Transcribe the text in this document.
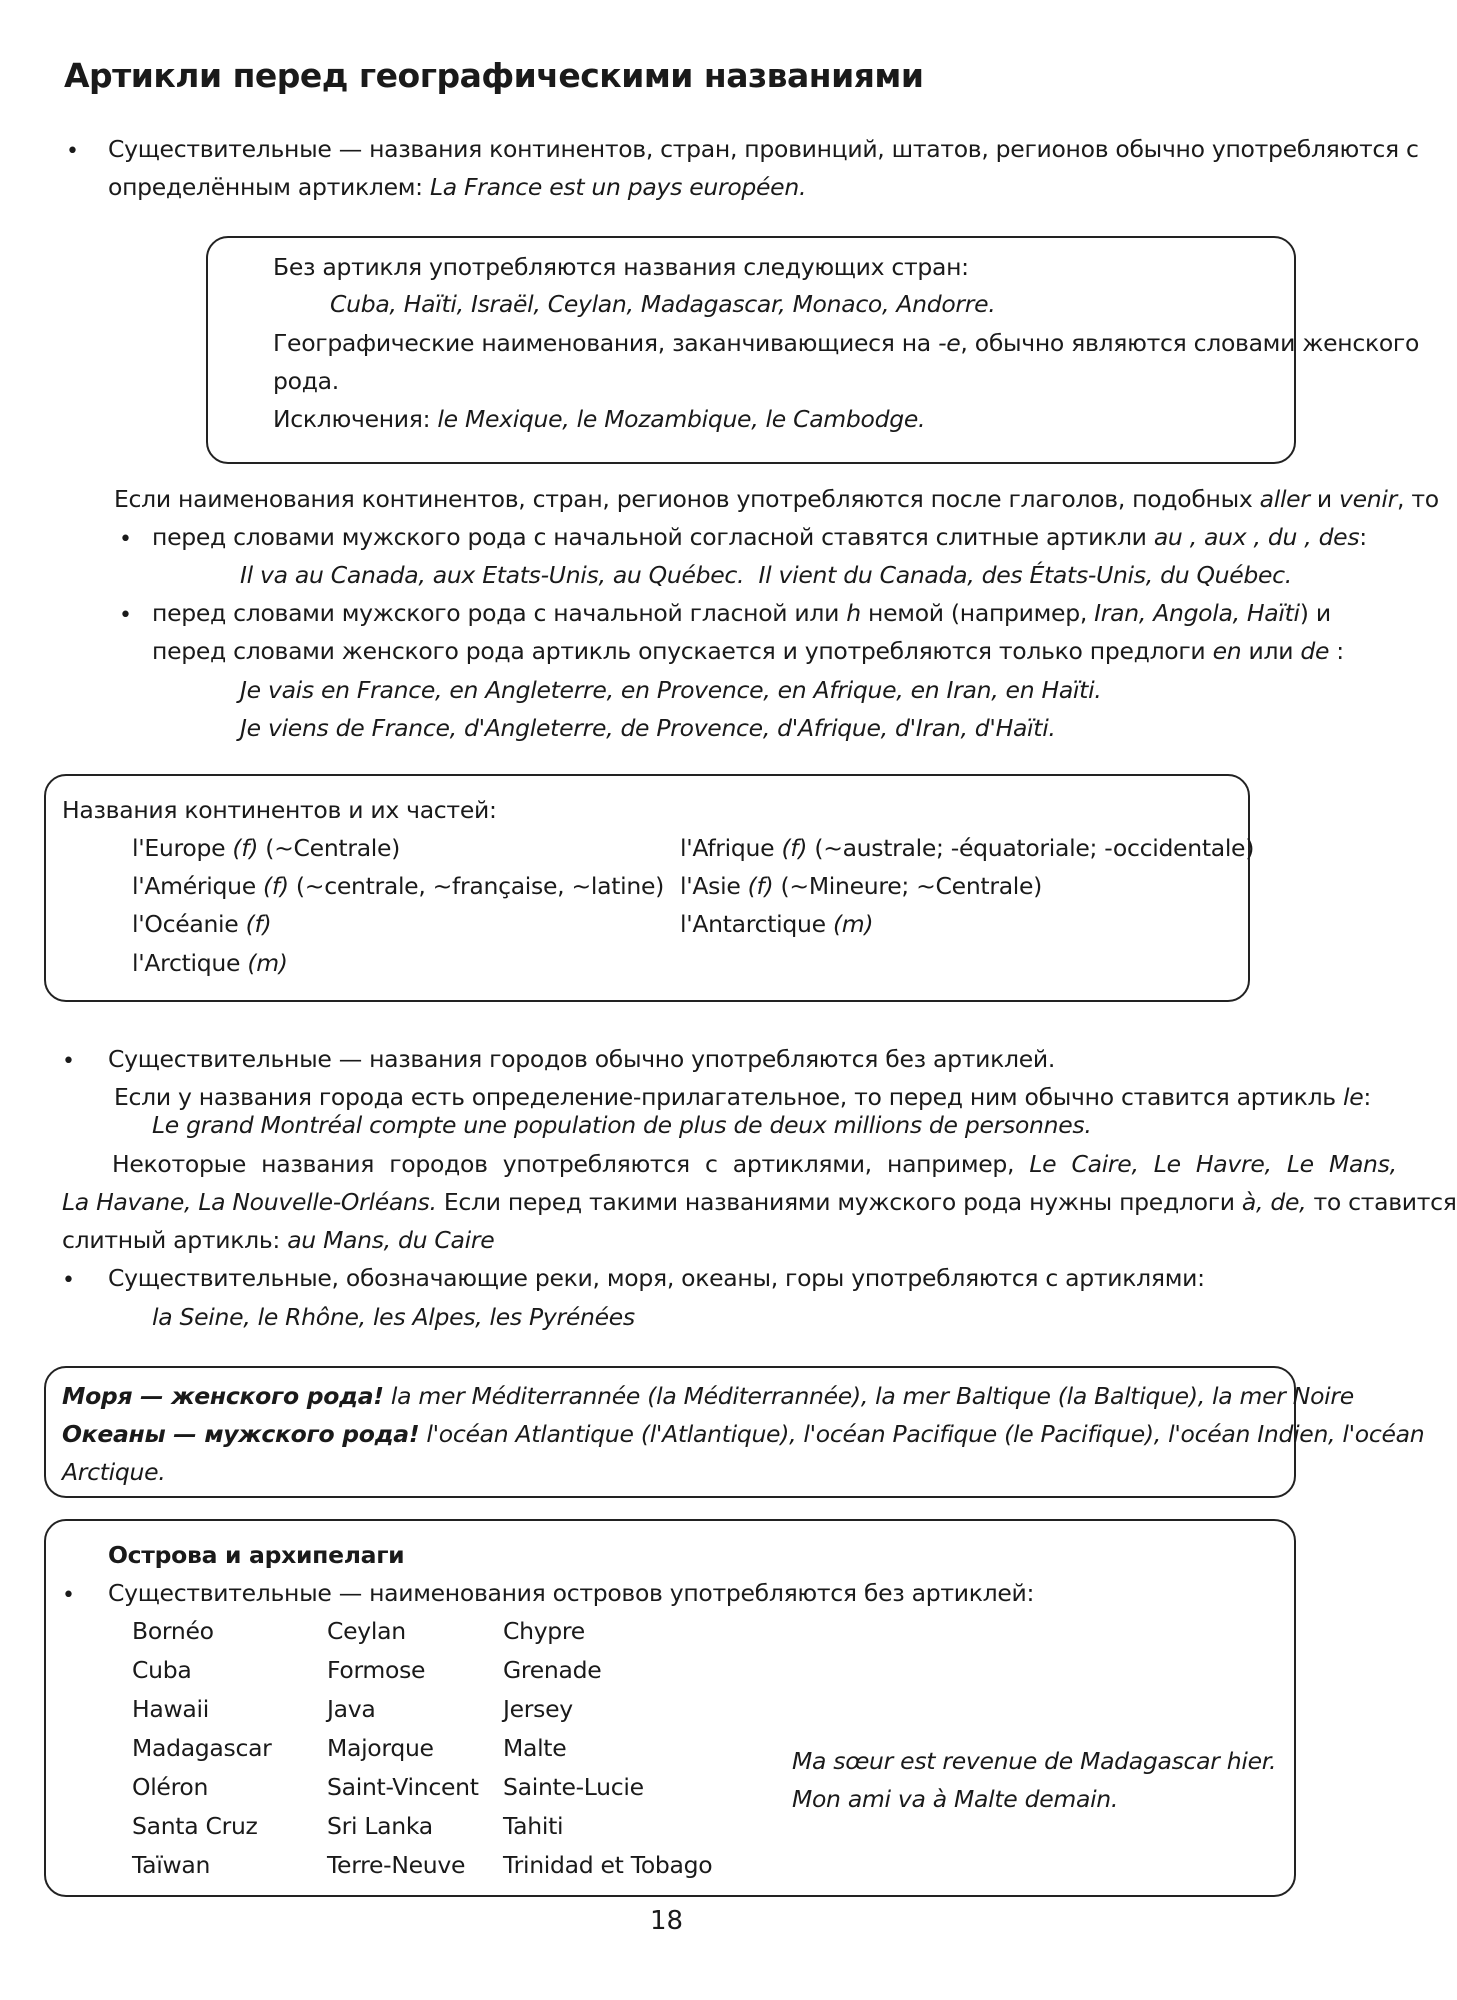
Артикли перед географическими названиями
• Существительные — названия континентов, стран, провинций, штатов, регионов обычно употребляются с
определённым артиклем: La France est un pays européen.
Без артикля употребляются названия следующих стран:
Cuba, Haïti, Israël, Ceylan, Madagascar, Monaco, Andorre.
Географические наименования, заканчивающиеся на -e, обычно являются словами женского
рода.
Исключения: le Mexique, le Mozambique, le Cambodge.
Если наименования континентов, стран, регионов употребляются после глаголов, подобных aller и venir, то
• перед словами мужского рода с начальной согласной ставятся слитные артикли au , aux , du , des:
Il va au Canada, aux Etats-Unis, au Québec.  Il vient du Canada, des États-Unis, du Québec.
• перед словами мужского рода с начальной гласной или h немой (например, Iran, Angola, Haïti) и
перед словами женского рода артикль опускается и употребляются только предлоги en или de :
Je vais en France, en Angleterre, en Provence, en Afrique, en Iran, en Haïti.
Je viens de France, d'Angleterre, de Provence, d'Afrique, d'Iran, d'Haïti.
Названия континентов и их частей:
l'Europe (f) (~Centrale)
l'Amérique (f) (~centrale, ~française, ~latine)
l'Océanie (f)
l'Arctique (m)
l'Afrique (f) (~australe; -équatoriale; -occidentale)
l'Asie (f) (~Mineure; ~Centrale)
l'Antarctique (m)
• Существительные — названия городов обычно употребляются без артиклей.
Если у названия города есть определение-прилагательное, то перед ним обычно ставится артикль le:
Le grand Montréal compte une population de plus de deux millions de personnes.
Некоторые названия городов употребляются с артиклями, например, Le Caire, Le Havre, Le Mans,
La Havane, La Nouvelle-Orléans. Если перед такими названиями мужского рода нужны предлоги à, de, то ставится
слитный артикль: au Mans, du Caire
• Существительные, обозначающие реки, моря, океаны, горы употребляются с артиклями:
la Seine, le Rhône, les Alpes, les Pyrénées
Моря — женского рода! la mer Méditerrannée (la Méditerrannée), la mer Baltique (la Baltique), la mer Noire
Океаны — мужского рода! l'océan Atlantique (l'Atlantique), l'océan Pacifique (le Pacifique), l'océan Indien, l'océan
Arctique.
Острова и архипелаги
• Существительные — наименования островов употребляются без артиклей:
Bornéo
Cuba
Hawaii
Madagascar
Oléron
Santa Cruz
Taïwan
Ceylan
Formose
Java
Majorque
Saint-Vincent
Sri Lanka
Terre-Neuve
Chypre
Grenade
Jersey
Malte
Sainte-Lucie
Tahiti
Trinidad et Tobago
Ma sœur est revenue de Madagascar hier.
Mon ami va à Malte demain.
18
